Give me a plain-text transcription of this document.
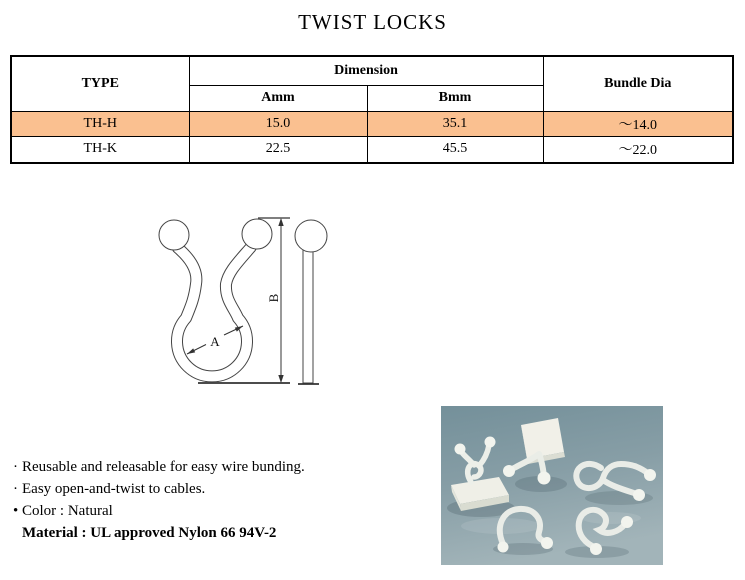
TWIST LOCKS
TYPE	Dimension		Bundle Dia
	Amm	Bmm	
TH-H	15.0	35.1	～14.0
TH-K	22.5	45.5	～22.0
B
A
· Reusable and releasable for easy wire bunding.
· Easy open-and-twist to cables.
• Color : Natural
Material : UL approved Nylon 66 94V-2
